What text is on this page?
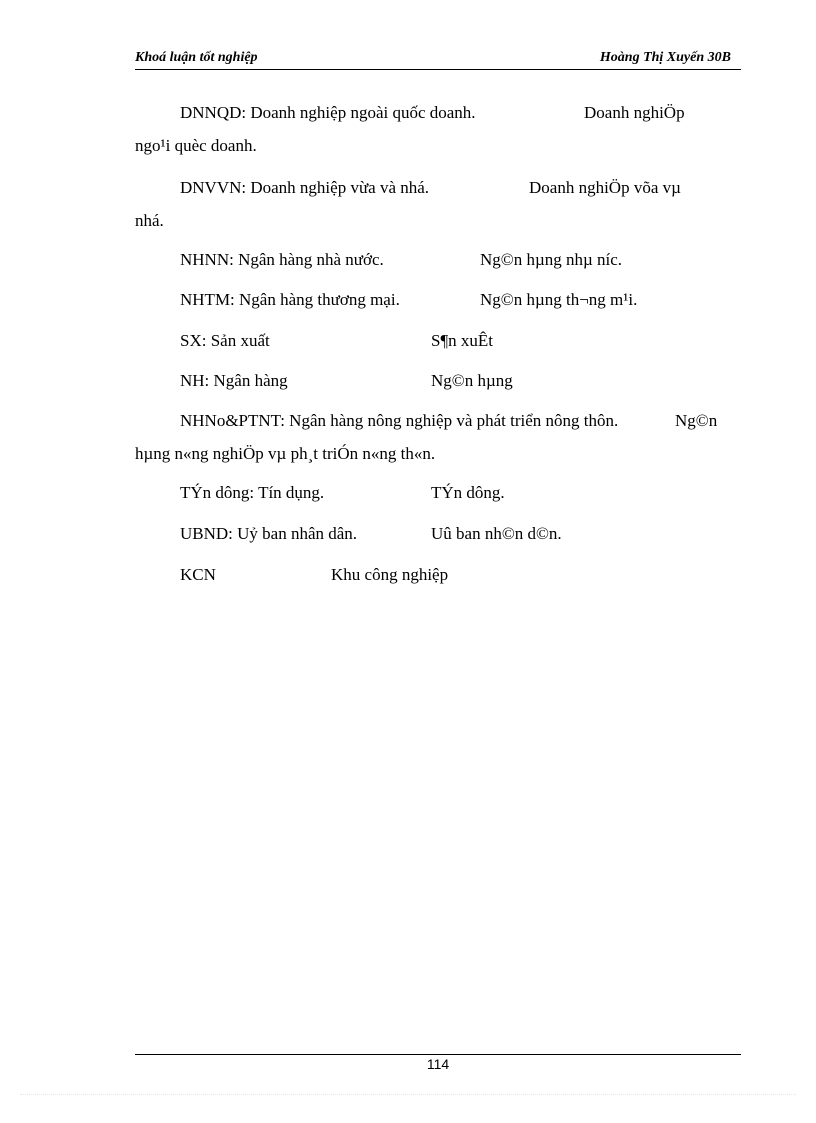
Khoá luận tốt nghiệp	Hoàng Thị Xuyến 30B
DNNQD: Doanh nghiệp ngoài quốc doanh.	Doanh nghiÖp
ngo¹i quèc doanh.
DNVVN: Doanh nghiệp vừa và nhá.	Doanh nghiÖp võa vµ
nhá.
NHNN: Ngân hàng nhà nước.	Ng©n hµng nhµ níc.
NHTM: Ngân hàng thương mại.	Ng©n hµng th¬ng m¹i.
SX: Sản xuất	S¶n xuÊt
NH: Ngân hàng	Ng©n hµng
NHNo&PTNT: Ngân hàng nông nghiệp và phát triển nông thôn.	Ng©n
hµng n«ng nghiÖp vµ ph¸t triÓn n«ng th«n.
TÝn dông: Tín dụng.	TÝn dông.
UBND: Uỷ ban nhân dân.	Uû ban nh©n d©n.
KCN	Khu công nghiệp
114
